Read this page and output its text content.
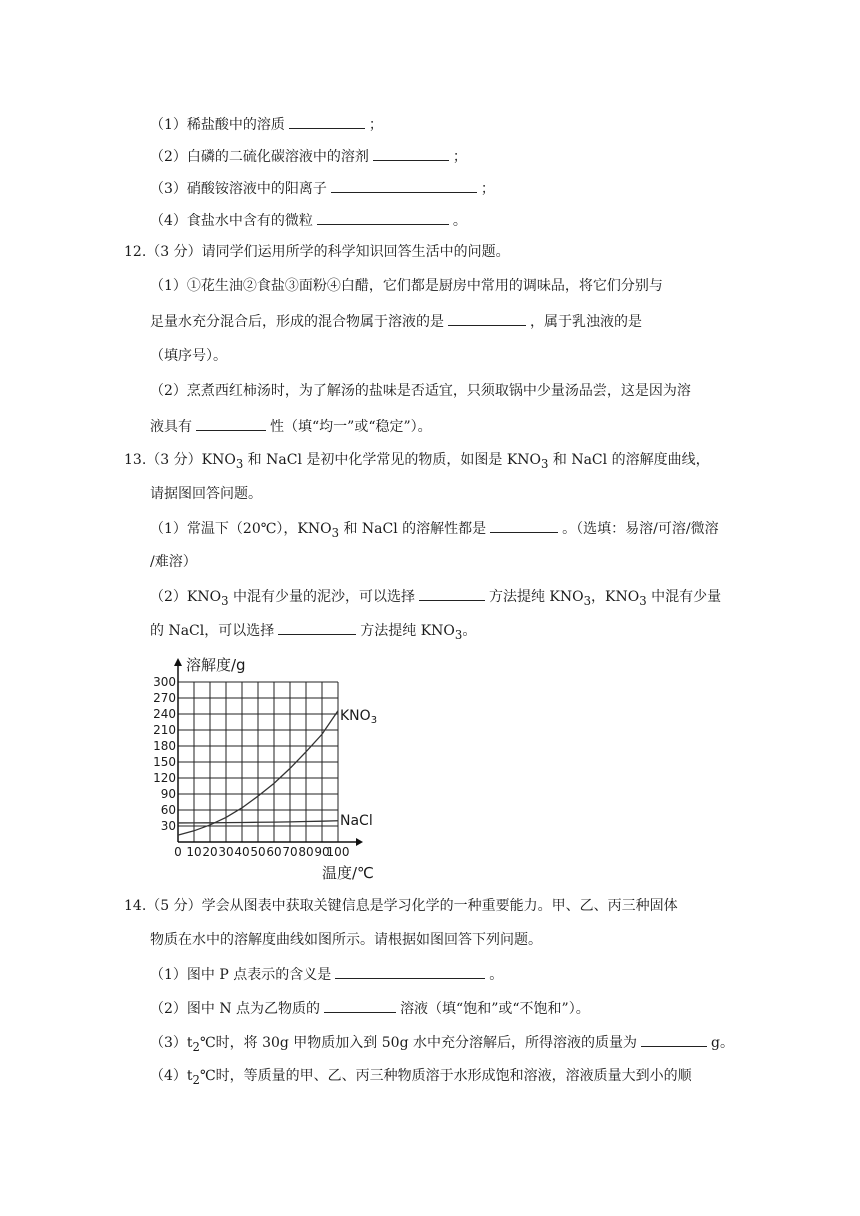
（1）稀盐酸中的溶质	；
（2）白磷的二硫化碳溶液中的溶剂	；
（3）硝酸铵溶液中的阳离子	；
（4）食盐水中含有的微粒	。
12.（3 分）请同学们运用所学的科学知识回答生活中的问题。
（1）①花生油②食盐③面粉④白醋，它们都是厨房中常用的调味品，将它们分别与
足量水充分混合后，形成的混合物属于溶液的是	，属于乳浊液的是
（填序号）。
（2）烹煮西红柿汤时，为了解汤的盐味是否适宜，只须取锅中少量汤品尝，这是因为溶
液具有	性（填“均一”或“稳定”）。
13.（3 分）$KNO_3$ 和 NaCl 是初中化学常见的物质，如图是 $KNO_3$ 和 NaCl 的溶解度曲线，
请据图回答问题。
（1）常温下（20℃），$KNO_3$ 和 NaCl 的溶解性都是	。（选填：易溶/可溶/微溶
/难溶）
$(2)KNO_3$ 中混有少量的泥沙，可以选择	方法提纯 $KNO_3$，$KNO_3$ 中混有少量
的 NaCl，可以选择	方法提纯 $KNO_3$。
30
60
90
120
150
180
210
240
270
300
0 10 20 30 40 50 60 70 80 90
100
溶解度/g
温度/℃
$KNO_3$
NaCl
14.（5 分）学会从图表中获取关键信息是学习化学的一种重要能力。甲、乙、丙三种固体
物质在水中的溶解度曲线如图所示。请根据如图回答下列问题。
（1）图中 P 点表示的含义是	。
（2）图中 N 点为乙物质的	溶液（填“饱和”或“不饱和”）。
$(3)t_2℃$时，将 30g 甲物质加入到 50g 水中充分溶解后，所得溶液的质量为	g。
$(4)t_2℃$时，等质量的甲、乙、丙三种物质溶于水形成饱和溶液，溶液质量大到小的顺
